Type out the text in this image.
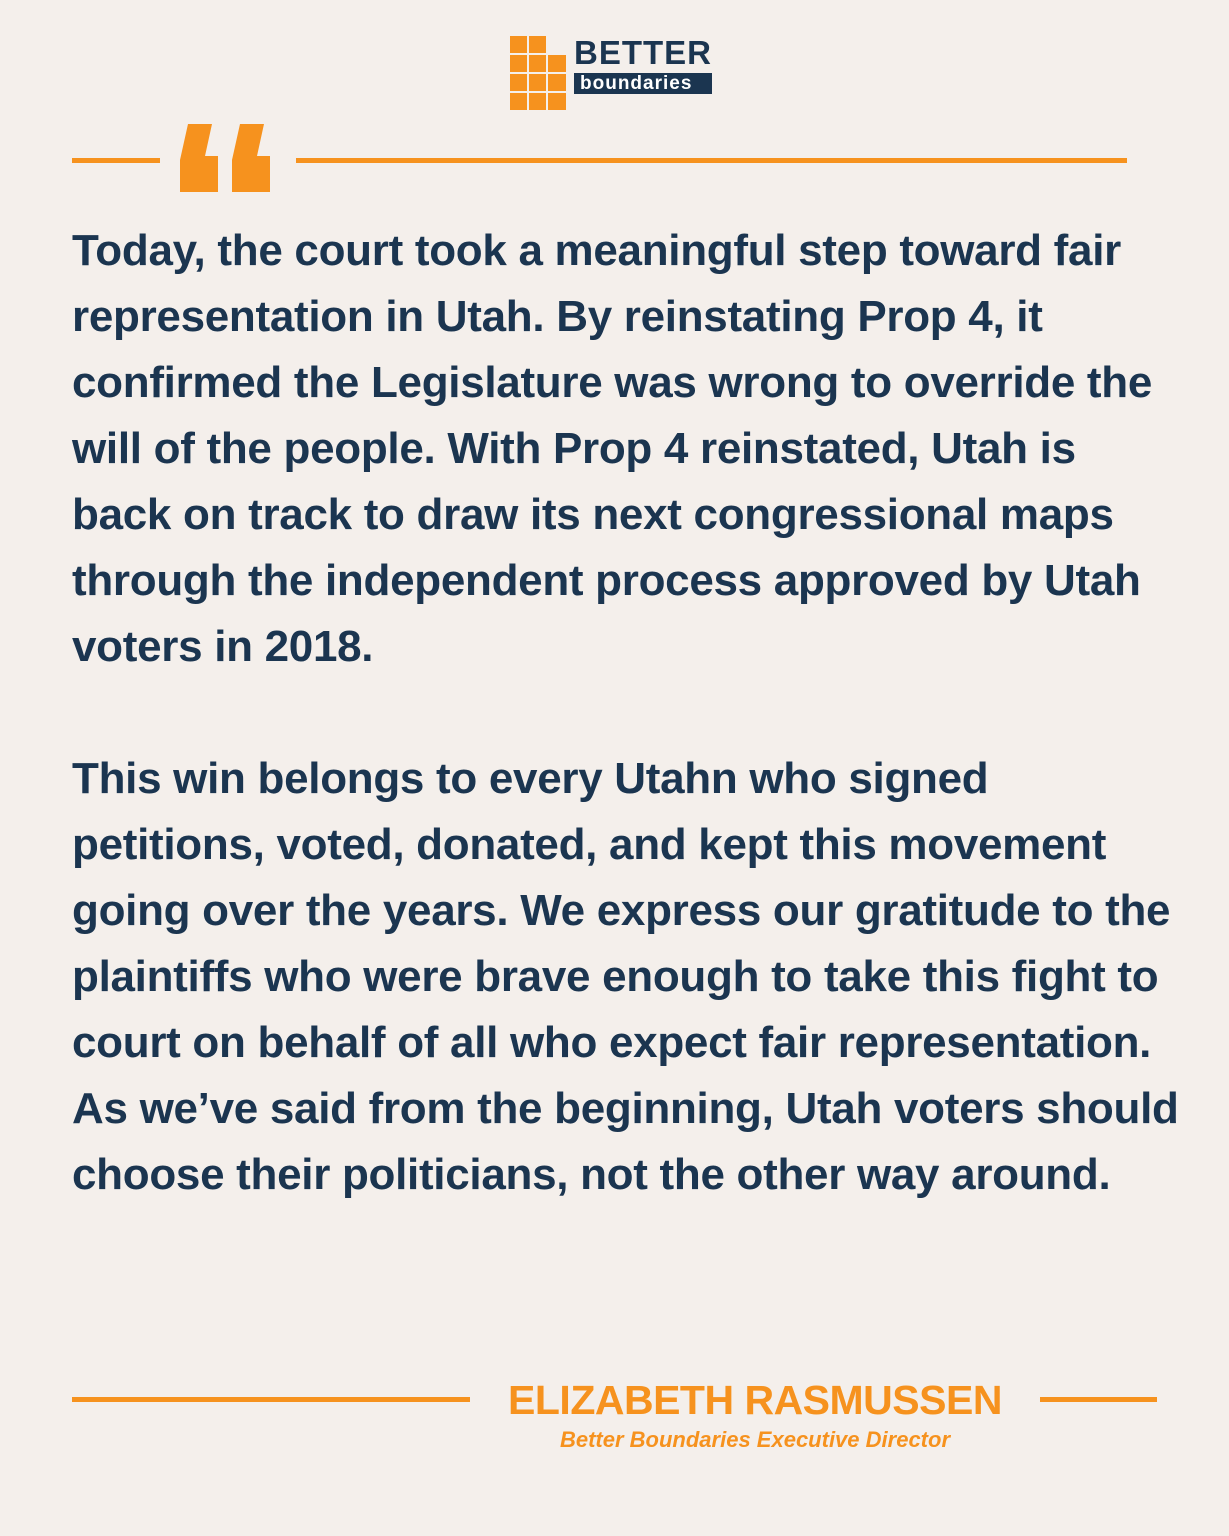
BETTER
boundaries

Today, the court took a meaningful step toward fair representation in Utah. By reinstating Prop 4, it confirmed the Legislature was wrong to override the will of the people. With Prop 4 reinstated, Utah is back on track to draw its next congressional maps through the independent process approved by Utah voters in 2018.

This win belongs to every Utahn who signed petitions, voted, donated, and kept this movement going over the years. We express our gratitude to the plaintiffs who were brave enough to take this fight to court on behalf of all who expect fair representation. As we’ve said from the beginning, Utah voters should choose their politicians, not the other way around.

ELIZABETH RASMUSSEN
Better Boundaries Executive Director
